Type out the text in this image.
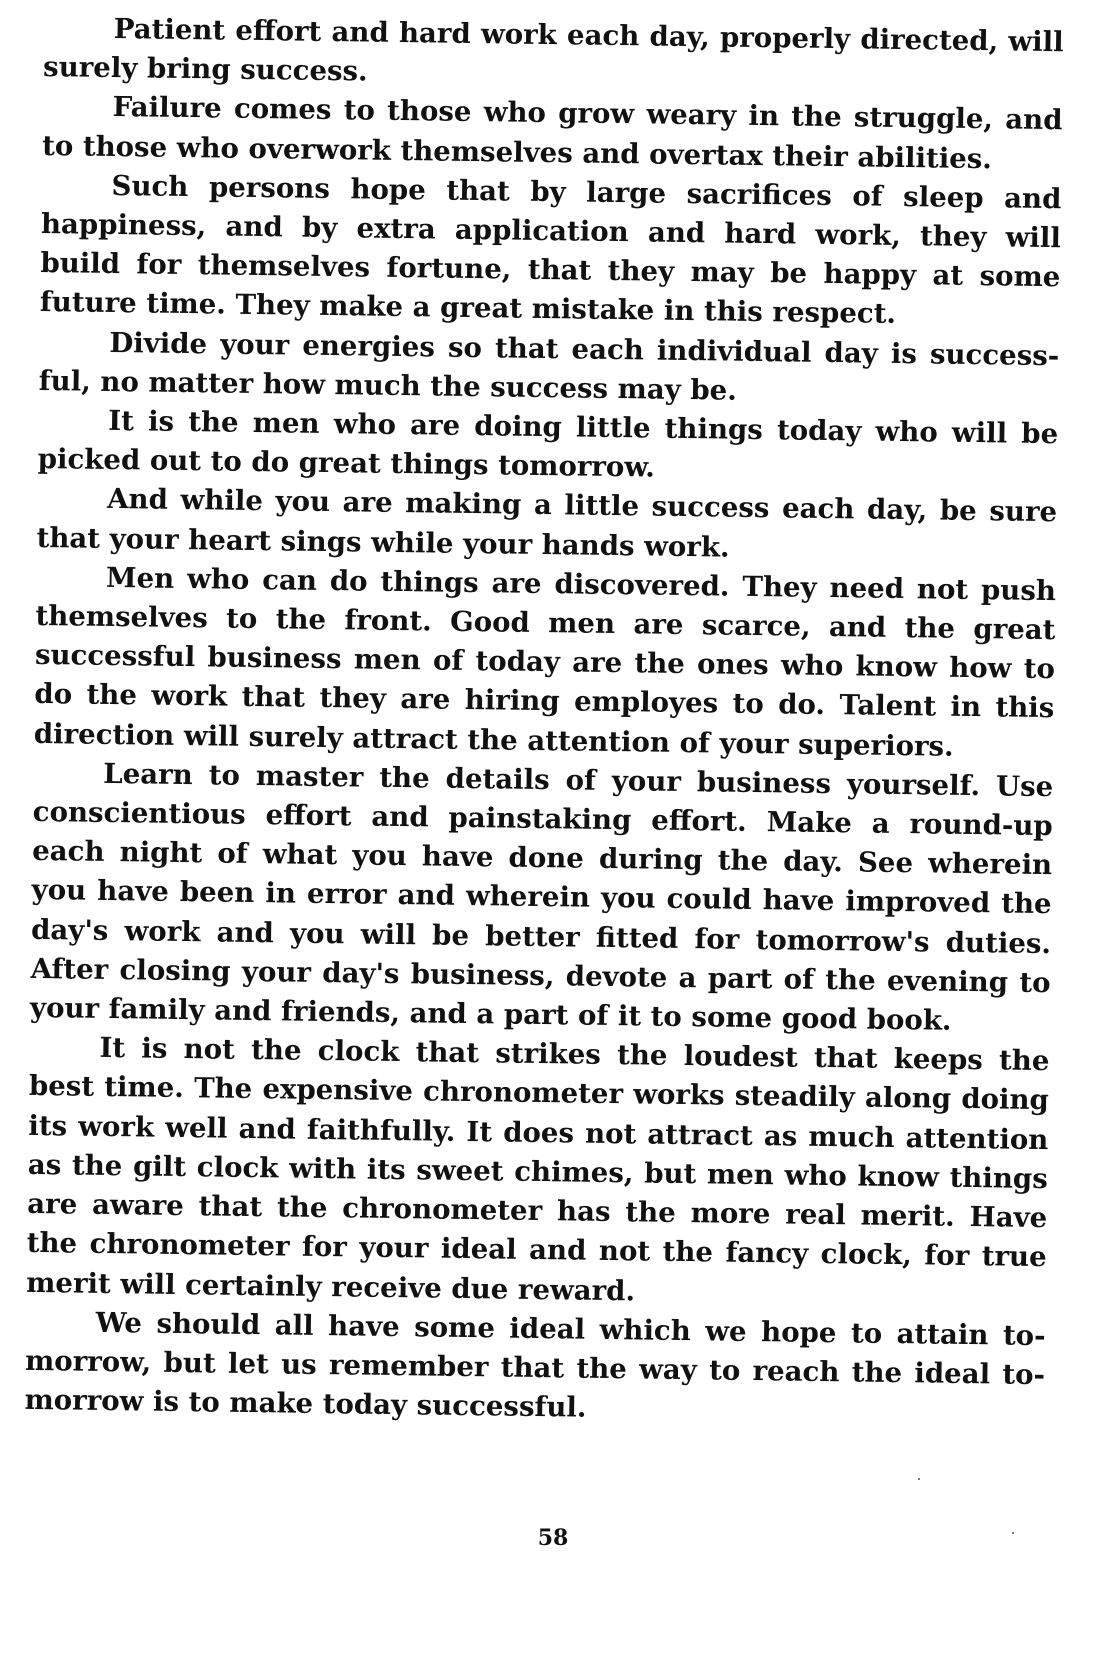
Patient effort and hard work each day, properly directed, will surely bring success.

Failure comes to those who grow weary in the struggle, and to those who overwork themselves and overtax their abilities.

Such persons hope that by large sacrifices of sleep and happiness, and by extra application and hard work, they will build for themselves fortune, that they may be happy at some future time. They make a great mistake in this respect.

Divide your energies so that each individual day is successful, no matter how much the success may be.

It is the men who are doing little things today who will be picked out to do great things tomorrow.

And while you are making a little success each day, be sure that your heart sings while your hands work.

Men who can do things are discovered. They need not push themselves to the front. Good men are scarce, and the great successful business men of today are the ones who know how to do the work that they are hiring employes to do. Talent in this direction will surely attract the attention of your superiors.

Learn to master the details of your business yourself. Use conscientious effort and painstaking effort. Make a round-up each night of what you have done during the day. See wherein you have been in error and wherein you could have improved the day's work and you will be better fitted for tomorrow's duties. After closing your day's business, devote a part of the evening to your family and friends, and a part of it to some good book.

It is not the clock that strikes the loudest that keeps the best time. The expensive chronometer works steadily along doing its work well and faithfully. It does not attract as much attention as the gilt clock with its sweet chimes, but men who know things are aware that the chronometer has the more real merit. Have the chronometer for your ideal and not the fancy clock, for true merit will certainly receive due reward.

We should all have some ideal which we hope to attain tomorrow, but let us remember that the way to reach the ideal tomorrow is to make today successful.

58
